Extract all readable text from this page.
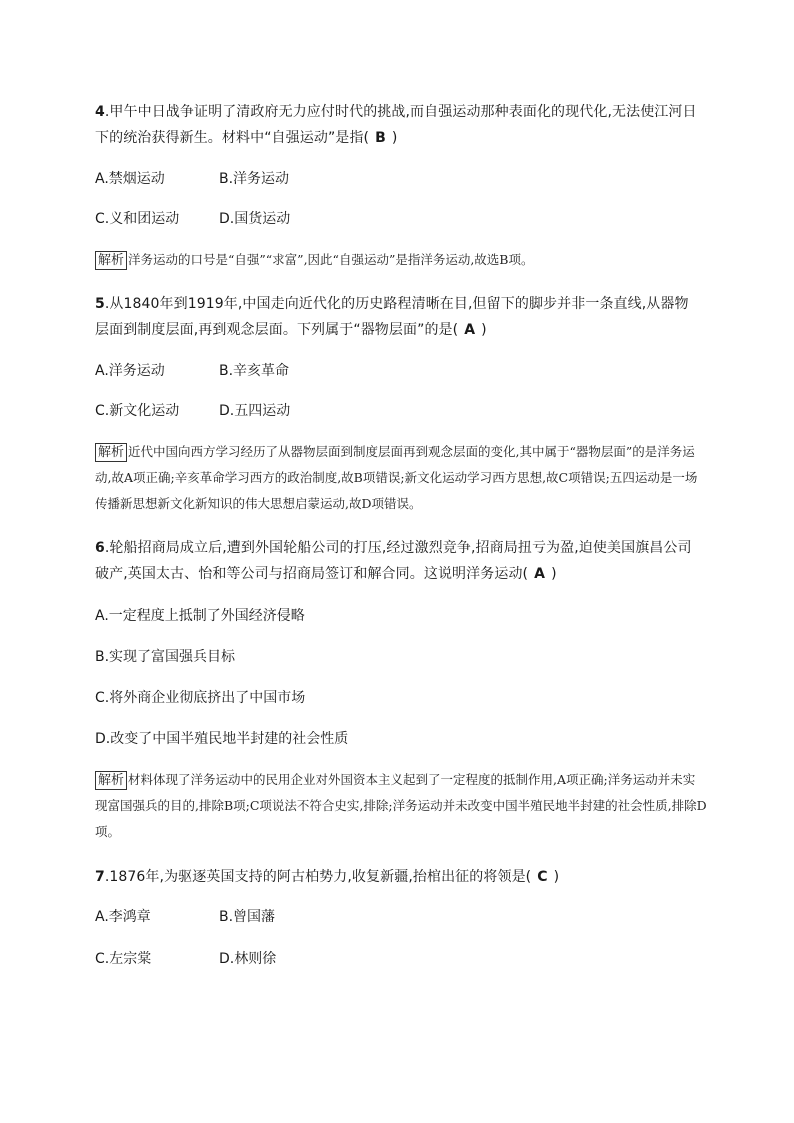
4.甲午中日战争证明了清政府无力应付时代的挑战,而自强运动那种表面化的现代化,无法使江河日下的统治获得新生。材料中“自强运动”是指( B )
A.禁烟运动	B.洋务运动
C.义和团运动	D.国货运动
解析 洋务运动的口号是“自强”“求富”,因此“自强运动”是指洋务运动,故选B项。
5.从1840年到1919年,中国走向近代化的历史路程清晰在目,但留下的脚步并非一条直线,从器物层面到制度层面,再到观念层面。下列属于“器物层面”的是( A )
A.洋务运动	B.辛亥革命
C.新文化运动	D.五四运动
解析 近代中国向西方学习经历了从器物层面到制度层面再到观念层面的变化,其中属于“器物层面”的是洋务运动,故A项正确;辛亥革命学习西方的政治制度,故B项错误;新文化运动学习西方思想,故C项错误;五四运动是一场传播新思想新文化新知识的伟大思想启蒙运动,故D项错误。
6.轮船招商局成立后,遭到外国轮船公司的打压,经过激烈竞争,招商局扭亏为盈,迫使美国旗昌公司破产,英国太古、怡和等公司与招商局签订和解合同。这说明洋务运动( A )
A.一定程度上抵制了外国经济侵略
B.实现了富国强兵目标
C.将外商企业彻底挤出了中国市场
D.改变了中国半殖民地半封建的社会性质
解析 材料体现了洋务运动中的民用企业对外国资本主义起到了一定程度的抵制作用,A项正确;洋务运动并未实现富国强兵的目的,排除B项;C项说法不符合史实,排除;洋务运动并未改变中国半殖民地半封建的社会性质,排除D项。
7.1876年,为驱逐英国支持的阿古柏势力,收复新疆,抬棺出征的将领是( C )
A.李鸿章	B.曾国藩
C.左宗棠	D.林则徐
